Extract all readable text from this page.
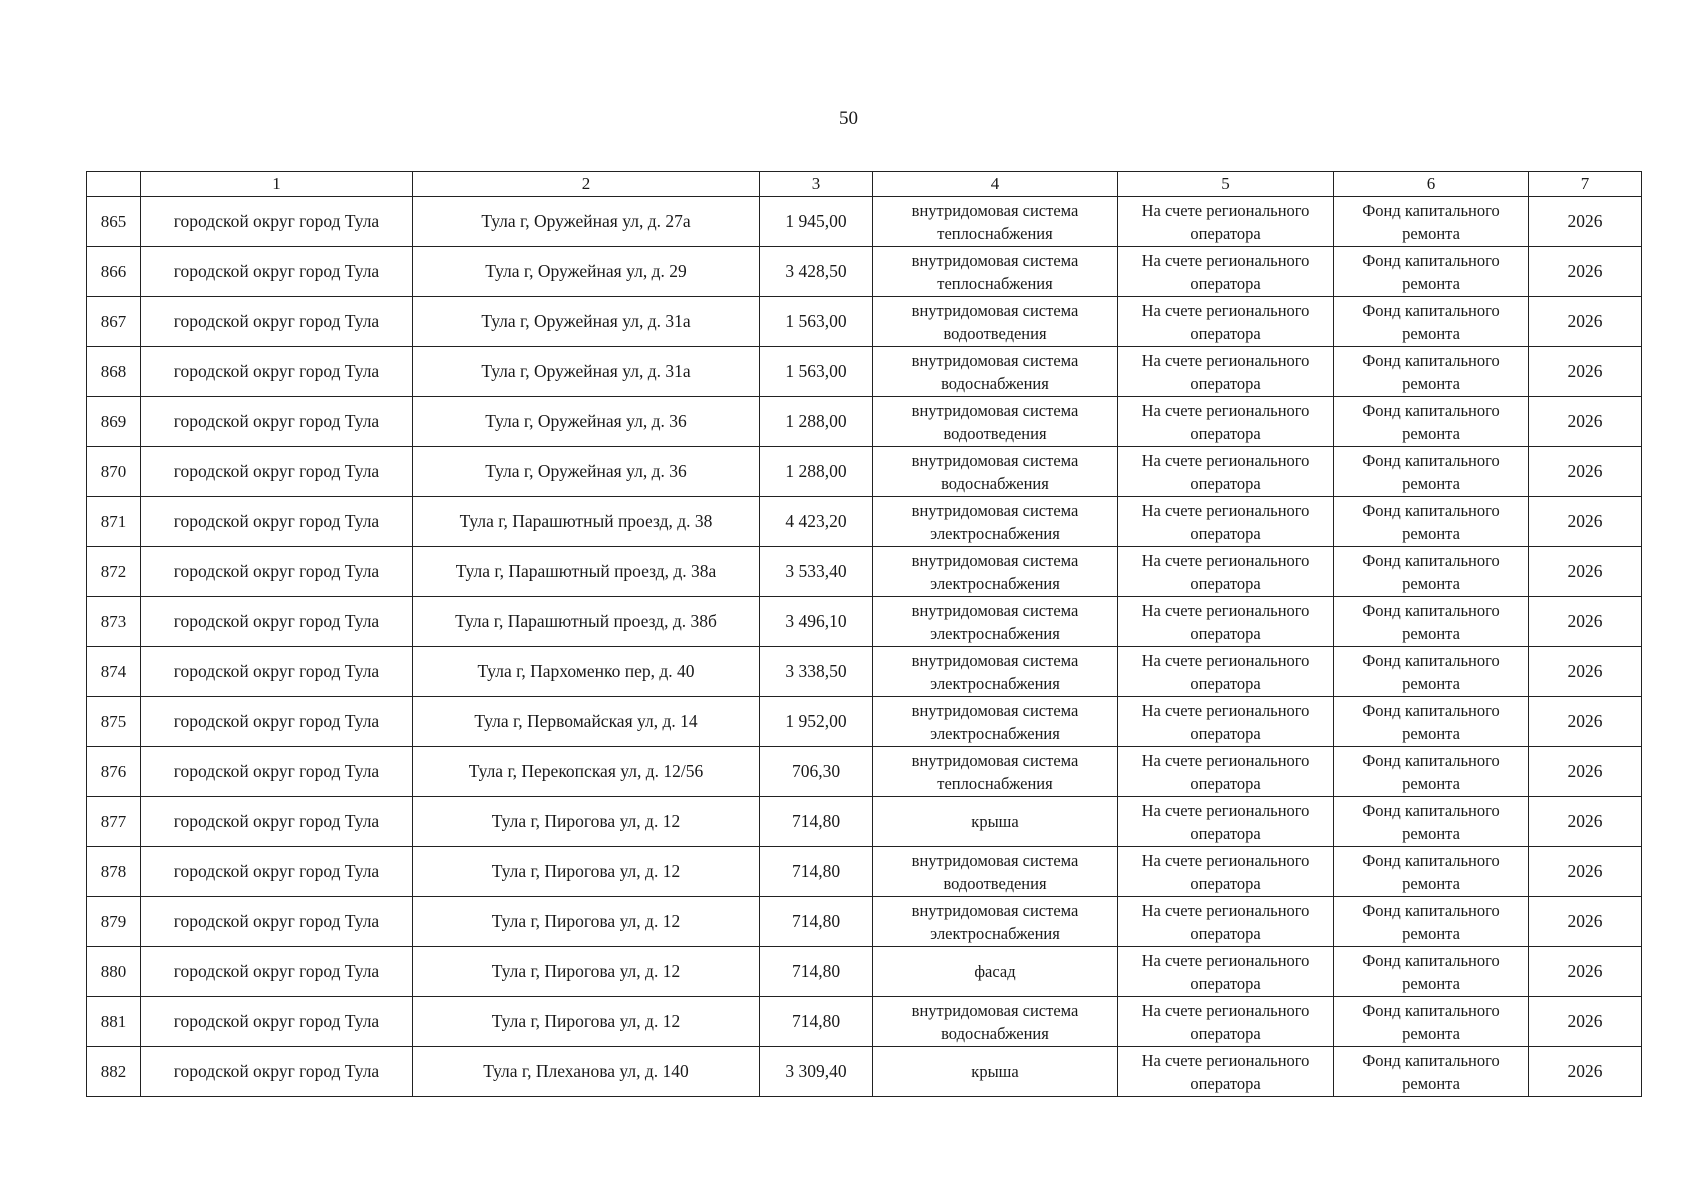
50
	1	2	3	4	5	6	7
865	городской округ город Тула	Тула г, Оружейная ул, д. 27а	1 945,00	внутридомовая система теплоснабжения	На счете регионального оператора	Фонд капитального ремонта	2026
866	городской округ город Тула	Тула г, Оружейная ул, д. 29	3 428,50	внутридомовая система теплоснабжения	На счете регионального оператора	Фонд капитального ремонта	2026
867	городской округ город Тула	Тула г, Оружейная ул, д. 31а	1 563,00	внутридомовая система водоотведения	На счете регионального оператора	Фонд капитального ремонта	2026
868	городской округ город Тула	Тула г, Оружейная ул, д. 31а	1 563,00	внутридомовая система водоснабжения	На счете регионального оператора	Фонд капитального ремонта	2026
869	городской округ город Тула	Тула г, Оружейная ул, д. 36	1 288,00	внутридомовая система водоотведения	На счете регионального оператора	Фонд капитального ремонта	2026
870	городской округ город Тула	Тула г, Оружейная ул, д. 36	1 288,00	внутридомовая система водоснабжения	На счете регионального оператора	Фонд капитального ремонта	2026
871	городской округ город Тула	Тула г, Парашютный проезд, д. 38	4 423,20	внутридомовая система электроснабжения	На счете регионального оператора	Фонд капитального ремонта	2026
872	городской округ город Тула	Тула г, Парашютный проезд, д. 38а	3 533,40	внутридомовая система электроснабжения	На счете регионального оператора	Фонд капитального ремонта	2026
873	городской округ город Тула	Тула г, Парашютный проезд, д. 38б	3 496,10	внутридомовая система электроснабжения	На счете регионального оператора	Фонд капитального ремонта	2026
874	городской округ город Тула	Тула г, Пархоменко пер, д. 40	3 338,50	внутридомовая система электроснабжения	На счете регионального оператора	Фонд капитального ремонта	2026
875	городской округ город Тула	Тула г, Первомайская ул, д. 14	1 952,00	внутридомовая система электроснабжения	На счете регионального оператора	Фонд капитального ремонта	2026
876	городской округ город Тула	Тула г, Перекопская ул, д. 12/56	706,30	внутридомовая система теплоснабжения	На счете регионального оператора	Фонд капитального ремонта	2026
877	городской округ город Тула	Тула г, Пирогова ул, д. 12	714,80	крыша	На счете регионального оператора	Фонд капитального ремонта	2026
878	городской округ город Тула	Тула г, Пирогова ул, д. 12	714,80	внутридомовая система водоотведения	На счете регионального оператора	Фонд капитального ремонта	2026
879	городской округ город Тула	Тула г, Пирогова ул, д. 12	714,80	внутридомовая система электроснабжения	На счете регионального оператора	Фонд капитального ремонта	2026
880	городской округ город Тула	Тула г, Пирогова ул, д. 12	714,80	фасад	На счете регионального оператора	Фонд капитального ремонта	2026
881	городской округ город Тула	Тула г, Пирогова ул, д. 12	714,80	внутридомовая система водоснабжения	На счете регионального оператора	Фонд капитального ремонта	2026
882	городской округ город Тула	Тула г, Плеханова ул, д. 140	3 309,40	крыша	На счете регионального оператора	Фонд капитального ремонта	2026
